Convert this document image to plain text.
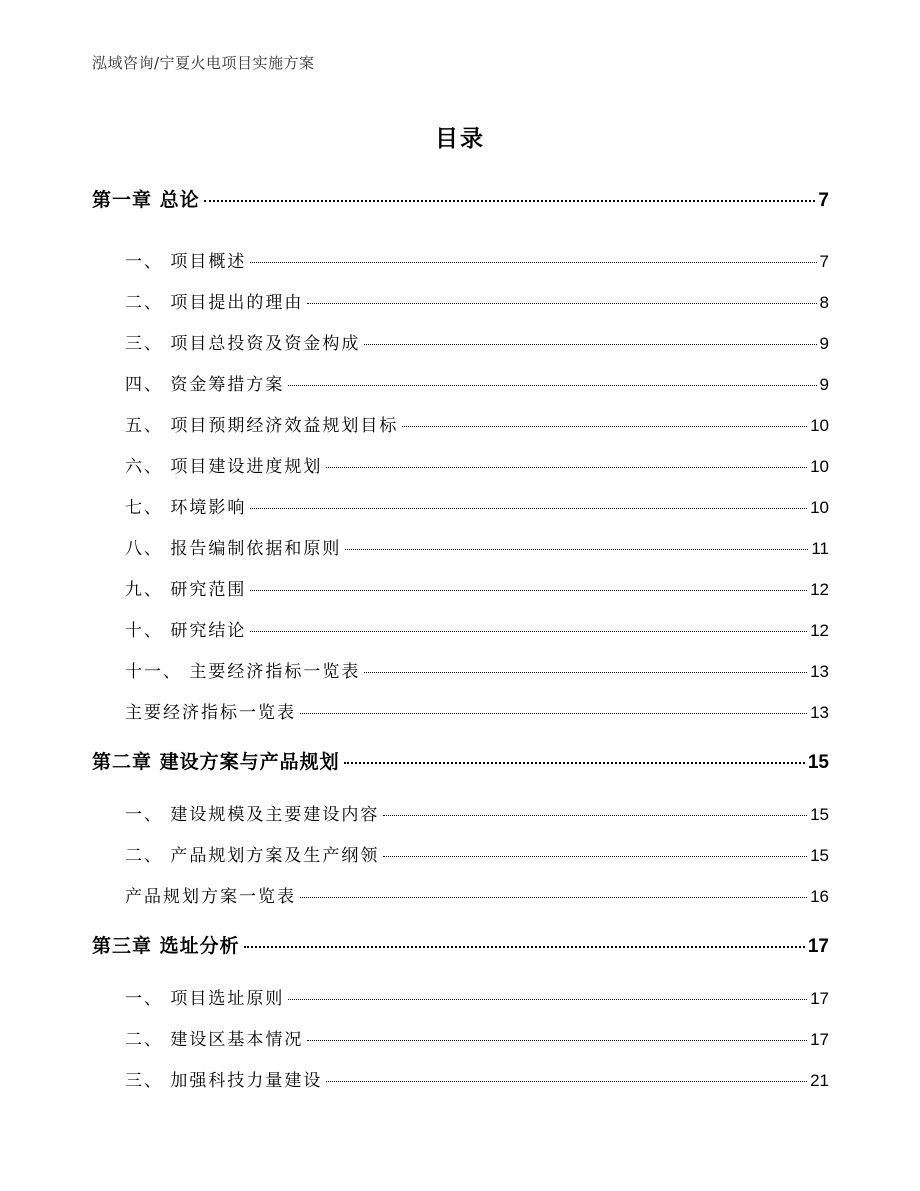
泓域咨询/宁夏火电项目实施方案
目录
第一章 总论	7
一、 项目概述	7
二、 项目提出的理由	8
三、 项目总投资及资金构成	9
四、 资金筹措方案	9
五、 项目预期经济效益规划目标	10
六、 项目建设进度规划	10
七、 环境影响	10
八、 报告编制依据和原则	11
九、 研究范围	12
十、 研究结论	12
十一、 主要经济指标一览表	13
主要经济指标一览表	13
第二章 建设方案与产品规划	15
一、 建设规模及主要建设内容	15
二、 产品规划方案及生产纲领	15
产品规划方案一览表	16
第三章 选址分析	17
一、 项目选址原则	17
二、 建设区基本情况	17
三、 加强科技力量建设	21
